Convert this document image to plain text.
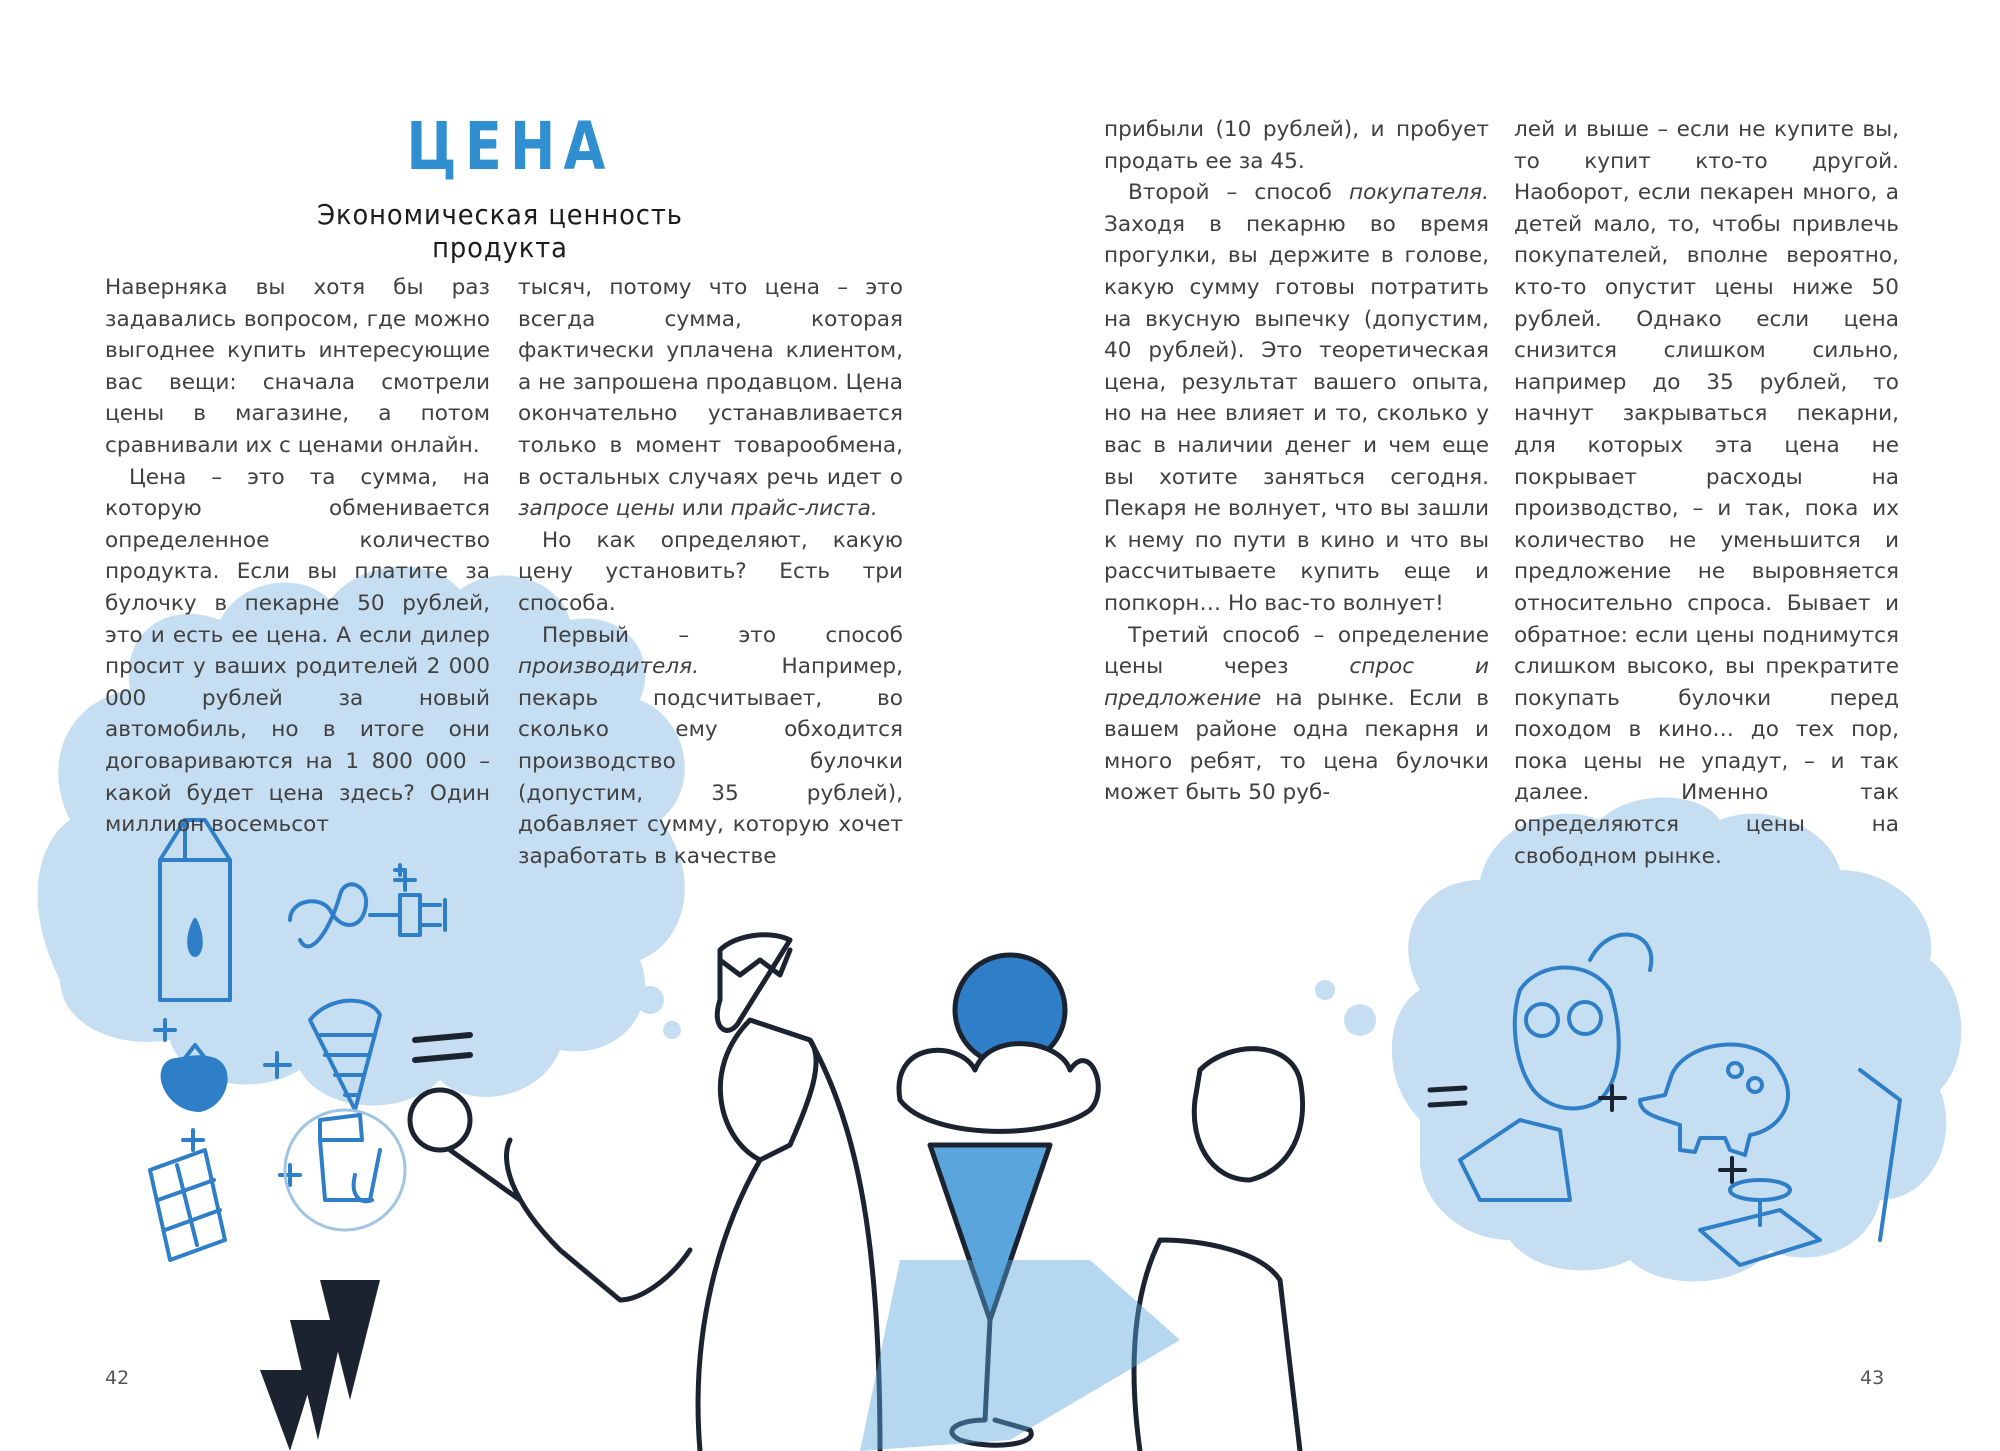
ЦЕНА
Экономическая ценность продукта

Наверняка вы хотя бы раз задавались вопросом, где можно выгоднее купить интересующие вас вещи: сначала смотрели цены в магазине, а потом сравнивали их с ценами онлайн.

Цена – это та сумма, на которую обменивается определенное количество продукта. Если вы платите за булочку в пекарне 50 рублей, это и есть ее цена. А если дилер просит у ваших родителей 2 000 000 рублей за новый автомобиль, но в итоге они договариваются на 1 800 000 – какой будет цена здесь? Один миллион восемьсот

тысяч, потому что цена – это всегда сумма, которая фактически уплачена клиентом, а не запрошена продавцом. Цена окончательно устанавливается только в момент товарообмена, в остальных случаях речь идет о запросе цены или прайс-листа.

Но как определяют, какую цену установить? Есть три способа.

Первый – это способ производителя. Например, пекарь подсчитывает, во сколько ему обходится производство булочки (допустим, 35 рублей), добавляет сумму, которую хочет заработать в качестве

прибыли (10 рублей), и пробует продать ее за 45.

Второй – способ покупателя. Заходя в пекарню во время прогулки, вы держите в голове, какую сумму готовы потратить на вкусную выпечку (допустим, 40 рублей). Это теоретическая цена, результат вашего опыта, но на нее влияет и то, сколько у вас в наличии денег и чем еще вы хотите заняться сегодня. Пекаря не волнует, что вы зашли к нему по пути в кино и что вы рассчитываете купить еще и попкорн… Но вас-то волнует!

Третий способ – определение цены через спрос и предложение на рынке. Если в вашем районе одна пекарня и много ребят, то цена булочки может быть 50 руб-

лей и выше – если не купите вы, то купит кто-то другой. Наоборот, если пекарен много, а детей мало, то, чтобы привлечь покупателей, вполне вероятно, кто-то опустит цены ниже 50 рублей. Однако если цена снизится слишком сильно, например до 35 рублей, то начнут закрываться пекарни, для которых эта цена не покрывает расходы на производство, – и так, пока их количество не уменьшится и предложение не выровняется относительно спроса. Бывает и обратное: если цены поднимутся слишком высоко, вы прекратите покупать булочки перед походом в кино… до тех пор, пока цены не упадут, – и так далее. Именно так определяются цены на свободном рынке.

42	43
